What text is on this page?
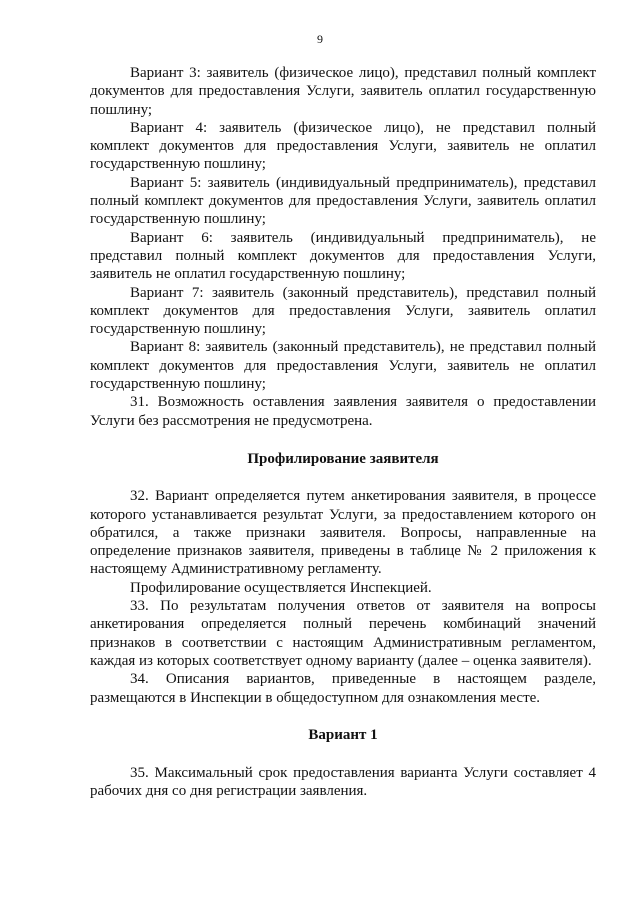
9

Вариант 3: заявитель (физическое лицо), представил полный комплект документов для предоставления Услуги, заявитель оплатил государственную пошлину;

Вариант 4: заявитель (физическое лицо), не представил полный комплект документов для предоставления Услуги, заявитель не оплатил государственную пошлину;

Вариант 5: заявитель (индивидуальный предприниматель), представил полный комплект документов для предоставления Услуги, заявитель оплатил государственную пошлину;

Вариант 6: заявитель (индивидуальный предприниматель), не представил полный комплект документов для предоставления Услуги, заявитель не оплатил государственную пошлину;

Вариант 7: заявитель (законный представитель), представил полный комплект документов для предоставления Услуги, заявитель оплатил государственную пошлину;

Вариант 8: заявитель (законный представитель), не представил полный комплект документов для предоставления Услуги, заявитель не оплатил государственную пошлину;

31. Возможность оставления заявления заявителя о предоставлении Услуги без рассмотрения не предусмотрена.

Профилирование заявителя

32. Вариант определяется путем анкетирования заявителя, в процессе которого устанавливается результат Услуги, за предоставлением которого он обратился, а также признаки заявителя. Вопросы, направленные на определение признаков заявителя, приведены в таблице № 2 приложения к настоящему Административному регламенту.

Профилирование осуществляется Инспекцией.

33. По результатам получения ответов от заявителя на вопросы анкетирования определяется полный перечень комбинаций значений признаков в соответствии с настоящим Административным регламентом, каждая из которых соответствует одному варианту (далее – оценка заявителя).

34. Описания вариантов, приведенные в настоящем разделе, размещаются в Инспекции в общедоступном для ознакомления месте.

Вариант 1

35. Максимальный срок предоставления варианта Услуги составляет 4 рабочих дня со дня регистрации заявления.
